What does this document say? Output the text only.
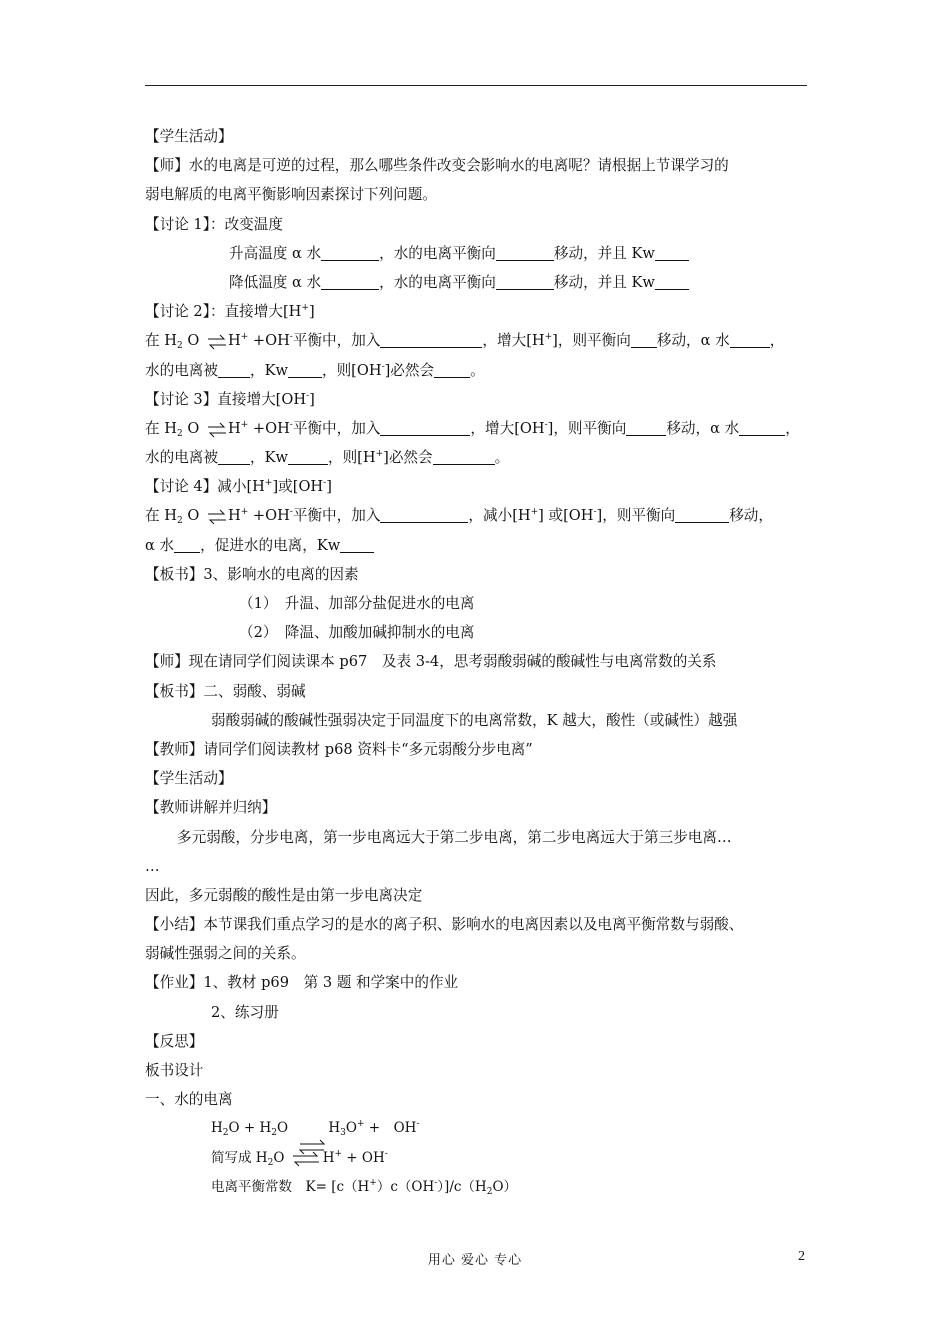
【学生活动】
【师】水的电离是可逆的过程，那么哪些条件改变会影响水的电离呢？请根据上节课学习的
弱电解质的电离平衡影响因素探讨下列问题。
【讨论 1】：改变温度
升高温度 α 水	，水的电离平衡向	移动，并且 Kw
降低温度 α 水	，水的电离平衡向	移动，并且 Kw
【讨论 2】：直接增大[H+]
在 $H_2$ O ⇌ H+ +OH-平衡中，加入	，增大[H+]，则平衡向 移动，α 水	，
水的电离被 ，Kw ，则[OH-]必然会 。
【讨论 3】直接增大[OH-]
在 $H_2$ O ⇌ H+ +OH-平衡中，加入	，增大[OH-]，则平衡向	移动，α 水	，
水的电离被 ，Kw	，则[H+]必然会	。
【讨论 4】减小[H+]或[OH-]
在 $H_2$ O ⇌ H+ +OH-平衡中，加入	，减小[H+] 或[OH-]，则平衡向	移动，
α 水 ，促进水的电离，Kw
【板书】3、影响水的电离的因素
（1）　升温、加部分盐促进水的电离
（2）　降温、加酸加碱抑制水的电离
【师】现在请同学们阅读课本 p67　及表 3-4，思考弱酸弱碱的酸碱性与电离常数的关系
【板书】二、弱酸、弱碱
弱酸弱碱的酸碱性强弱决定于同温度下的电离常数，K 越大，酸性（或碱性）越强
【教师】请同学们阅读教材 p68 资料卡“多元弱酸分步电离”
【学生活动】
【教师讲解并归纳】
多元弱酸，分步电离，第一步电离远大于第二步电离，第二步电离远大于第三步电离…
…
因此，多元弱酸的酸性是由第一步电离决定
【小结】本节课我们重点学习的是水的离子积、影响水的电离因素以及电离平衡常数与弱酸、
弱碱性强弱之间的关系。
【作业】1、教材 p69　第 3 题 和学案中的作业
2、练习册
【反思】
板书设计
一、水的电离
$H_2O + H_2O$	$H_3O^+$ +　OH-
简写成 $H_2O$ ⇌ H+ + OH-
电离平衡常数　$K= [c(H^+)c(OH^-)]/c(H_2O)$
用心 爱心 专心	2
